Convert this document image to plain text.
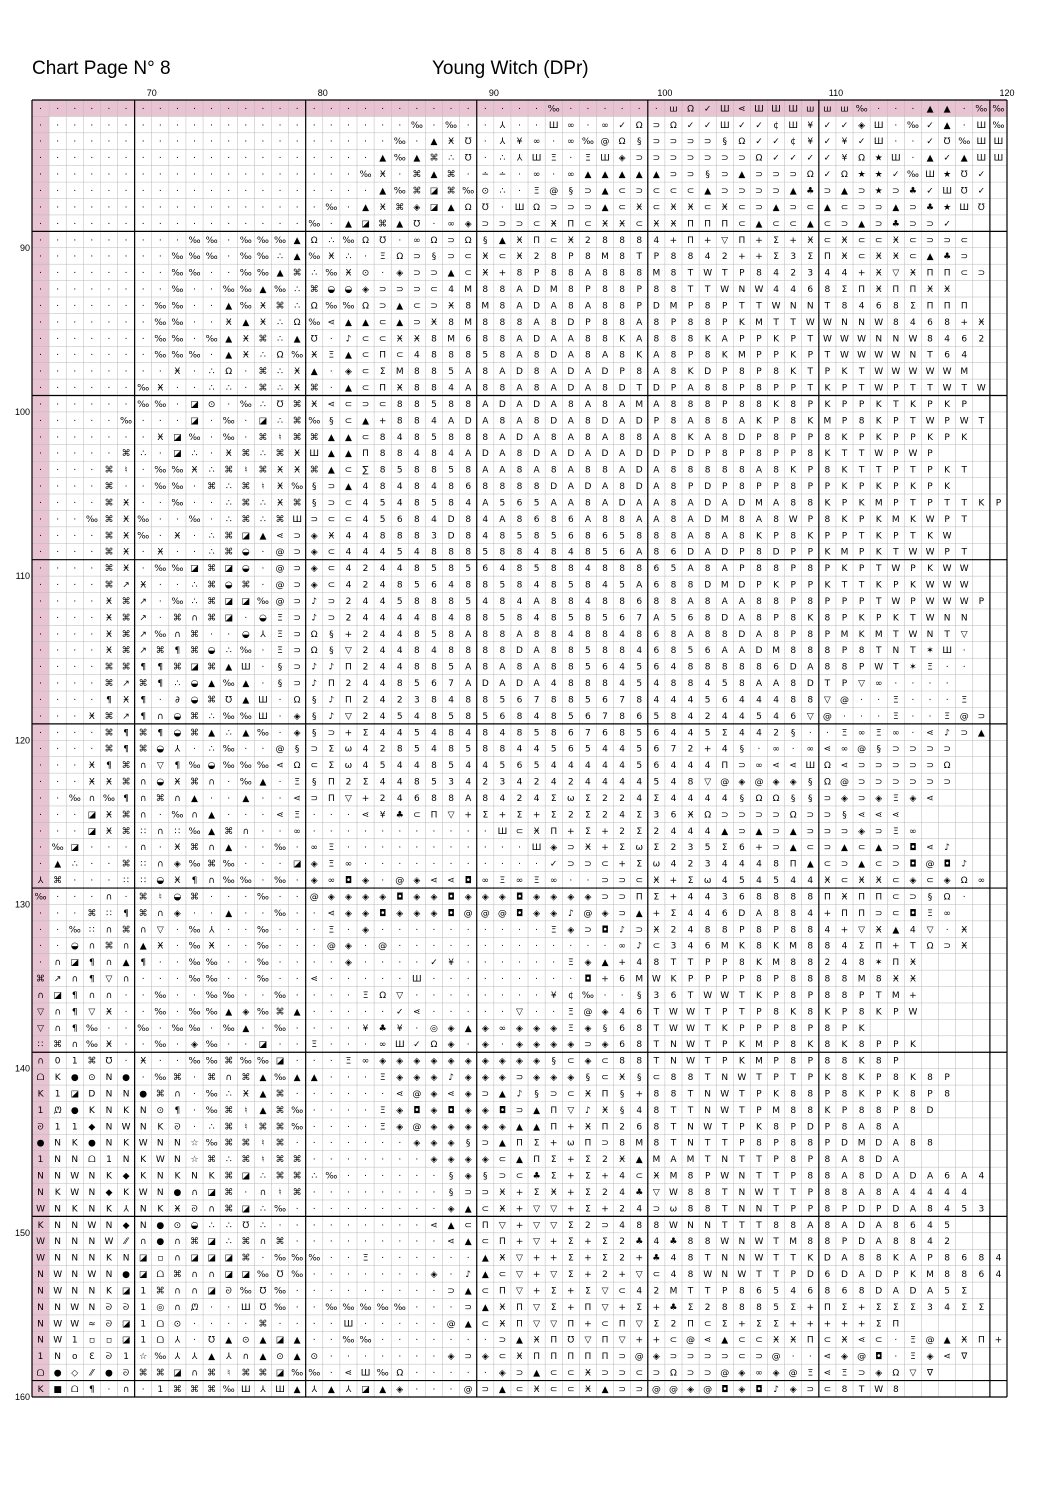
Chart Page N° 8	Young Witch (DPr)
70	80	90	100	110	120
90
100
110
120
130
140
150
160
· · · · · · · · · · · · · · · · · · · · · · · · · · · · · · ‰ · · · · · · ш Ω ✓ Ш ⋖ Ш Ш Ш ш ш ш ‰ · · · ▲ ▲ · ‰ ‰
· · · · · · · · · · · · · · · · · · · · · · ‰ · ‰ · · ⅄ · · Ш ∞ · ∞ ✓ Ω ⊃ Ω ✓ ✓ Ш ✓ ✓ ¢ Ш ¥ ✓ ✓ ◈ Ш · ‰ ✓ ▲ · Ш ‰
· · · · · · · · · · · · · · · · · · · · · ‰ · ▲ Ӿ ℧ · ⅄ ¥ ∞ · ∞ ‰ @ Ω § ⊃ ⊃ ⊃ ⊃ § Ω ✓ ✓ ¢ ¥ ✓ ¥ ✓ Ш · · ✓ ℧ ‰ Ш Ш
· · · · · · · · · · · · · · · · · · · · ▲ ‰ ▲ ⌘ ∴ ℧ ⋅ ∴ ⅄ Ш Ξ · Ξ Ш ◈ ⊃ ⊃ ⊃ ⊃ ⊃ ⊃ ⊃ Ω ✓ ✓ ✓ ✓ ¥ Ω ★ Ш · ▲ ✓ ▲ Ш Ш
· · · · · · · · · · · · · · · · · · · ‰ Ӿ · ⌘ ▲ ⌘ · ∸ ∸ · ∞ · ∞ ▲ ▲ ▲ ▲ ▲ ⊃ ⊃ § ⊃ ▲ ⊃ ⊃ ⊃ Ω ✓ Ω ★ ★ ✓ ‰ Ш ★ ℧ ✓
· · · · · · · · · · · · · · · · · · · · ▲ ‰ ⌘ ◪ ⌘ ‰ ⊙ ∴ · Ξ @ § ⊃ ▲ ⊂ ⊃ ⊂ ⊂ ⊂ ▲ ⊃ ⊃ ⊃ ⊃ ▲ ♣ ⊃ ▲ ⊃ ★ ⊃ ♣ ✓ Ш ℧ ✓
· · · · · · · · · · · · · · · · · ‰ · ▲ Ӿ ⌘ ◈ ◪ ▲ Ω ℧ · Ш Ω ⊃ ⊃ ⊃ ▲ ⊂ Ӿ ⊂ Ӿ Ӿ ⊂ Ӿ ⊂ ⊃ ▲ ⊃ ⊂ ▲ ⊂ ⊃ ⊃ ▲ ⊃ ♣ ★ Ш ℧
· · · · · · · · · · · · · · · · ‰ · ▲ ◪ ⌘ ▲ ℧ · ∞ ◈ ⊃ ⊃ ⊃ ⊂ Ӿ Π ⊂ Ӿ Ӿ ⊂ Ӿ Ӿ Π Π Π ⊂ ▲ ⊂ ⊂ ▲ ⊂ ⊃ ▲ ⊃ ♣ ⊃ ⊃ ✓
· · · · · · · · · ‰ ‰ · ‰ ‰ ‰ ▲ Ω ∴ ‰ Ω ℧ · ∞ Ω ⊃ Ω § ▲ Ӿ Π ⊂ Ӿ 2 8 8 8 4 + Π + ▽ Π + Σ + Ӿ ⊂ Ӿ ⊂ ⊂ Ӿ ⊂ ⊃ ⊃ ⊂
· · · · · · · · ‰ ‰ ‰ · ‰ ‰ ∴ ▲ ‰ Ӿ ∴ · Ξ Ω ⊃ § ⊃ ⊂ Ӿ ⊂ Ӿ 2 8 P 8 M 8 T P 8 8 4 2 + + Σ 3 Σ Π Ӿ ⊂ Ӿ Ӿ ⊂ ▲ ♣ ⊃
· · · · · · · · ‰ ‰ · · ‰ ‰ ▲ ⌘ ∴ ‰ Ӿ ⊙ · ◈ ⊃ ⊃ ▲ ⊂ Ӿ + 8 P 8 8 A 8 8 8 M 8 T W T P 8 4 2 3 4 4 + Ӿ ▽ Ӿ Π Π ⊂ ⊃
· · · · · · · · ‰ · · ‰ ‰ ▲ ‰ ∴ ⌘ ◒ ◒ ◈ ⊃ ⊃ ⊃ ⊂ 4 M 8 8 A D M 8 P 8 8 P 8 8 T T W N W 4 4 6 8 Σ Π Ӿ Π Π Ӿ Ӿ
· · · · · · · ‰ ‰ · · ▲ ‰ Ӿ ⌘ ∴ Ω ‰ ‰ Ω ⊃ ▲ ⊂ ⊃ Ӿ 8 M 8 A D A 8 A 8 8 P D M P 8 P T T W N N T 8 4 6 8 Σ Π Π Π
· · · · · · · ‰ ‰ · · Ӿ ▲ Ӿ ∴ Ω ‰ ⋖ ▲ ▲ ⊂ ▲ ⊃ Ӿ 8 M 8 8 8 A 8 D P 8 8 A 8 P 8 8 P K M T T W W N N W 8 4 6 8 + Ӿ
· · · · · · · ‰ ‰ · ‰ ▲ Ӿ ⌘ ∴ ▲ ℧ · ♪ ⊂ ⊂ Ӿ Ӿ 8 M 6 8 8 A D A A 8 8 K A 8 8 8 K A P P K P T W W W N N W 8 4 6 2
· · · · · · · ‰ ‰ ‰ · ▲ Ӿ ∴ Ω ‰ Ӿ Ξ ▲ ⊂ Π ⊂ 4 8 8 8 5 8 A 8 D A 8 A 8 K A 8 P 8 K M P P K P T W W W W N T 6 4
· · · · · · · · Ӿ · ∴ Ω · ⌘ ∴ Ӿ ▲ · ◈ ⊂ Σ M 8 8 5 A 8 A D 8 A D A D P 8 A 8 K D P 8 P 8 K T P K T W W W W W M
· · · · · · ‰ Ӿ · · ∴ ∴ · ⌘ ∴ Ӿ ⌘ · ▲ ⊂ Π Ӿ 8 8 4 A 8 8 A 8 A D A 8 D T D P A 8 8 P 8 P P T K P T W P T T W T W
· · · · · · ‰ ‰ · ◪ ⊙ · ‰ ∴ ℧ ⌘ Ӿ ⋖ ⊂ ⊃ ⊂ 8 8 5 8 8 A D A D A 8 A 8 A M A 8 8 8 P 8 8 K 8 P K P P K T K P K P
· · · · · ‰ · · · ◪ · ‰ · ◪ ∴ ⌘ ‰ § ⊂ ▲ + 8 8 4 A D A 8 A 8 D A 8 D A D P 8 A 8 8 A K P 8 K M P 8 K P T W P W T
· · · · · · · Ӿ ◪ ‰ · ‰ · ⌘ ♮ ⌘ ⌘ ▲ ▲ ⊂ 8 4 8 5 8 8 8 A D A 8 A 8 A 8 8 A 8 K A 8 D P 8 P P 8 K P K P P K P K
· · · · · ⌘ ∴ · ◪ ∴ · Ӿ ⌘ ∴ ⌘ Ӿ Ш ▲ ▲ Π 8 8 4 8 4 A D A 8 D A D A D A D D P D P 8 P 8 P P 8 K T T W P W P
· · · · ⌘ ♮ · ‰ ‰ Ӿ ∴ ⌘ ♮ ⌘ Ӿ Ӿ ⌘ ▲ ⊂ ∑ 8 5 8 8 5 8 A A 8 A 8 A 8 8 A D A 8 8 8 8 8 A 8 K P 8 K T T P T P K T
· · · · ⌘ · · ‰ ‰ · ⌘ ∴ ⌘ ♮ Ӿ ‰ § ⊃ ▲ 4 8 4 8 4 8 6 8 8 8 8 D A D A 8 D A 8 P D P 8 P P 8 P P K P K P K P K
· · · · ⌘ Ӿ · · ‰ · · ∴ ⌘ ∴ Ӿ ⌘ § ⊃ ⊂ 4 5 4 8 5 8 4 A 5 6 5 A A 8 A D A A 8 A D A D M A 8 8 K P K M P T P T T K P
· · · ‰ ⌘ Ӿ ‰ · · ‰ · ∴ ⌘ ∴ ⌘ Ш ⊃ ⊂ ⊂ 4 5 6 8 4 D 8 4 A 8 6 8 6 A 8 8 A A 8 A D M 8 A 8 W P 8 K P K M K W P T
· · · · ⌘ Ӿ ‰ · Ӿ · ∴ ⌘ ◪ ▲ ⋖ ⊃ ◈ Ӿ 4 4 8 8 8 3 D 8 4 8 5 8 5 6 8 6 5 8 8 8 A 8 A 8 K P 8 K P P T K P T K W
· · · · ⌘ Ӿ · Ӿ · · ∴ ⌘ ◒ · @ ⊃ ◈ ⊂ 4 4 4 5 4 8 8 8 5 8 8 4 8 4 8 5 6 A 8 6 D A D P 8 D P P K M P K T W W P T
· · · · ⌘ Ӿ · ‰ ‰ ◪ ⌘ ◪ ◒ · @ ⊃ ◈ ⊂ 4 2 4 4 8 5 8 5 6 4 8 5 8 8 4 8 8 8 6 5 A 8 A P 8 8 P 8 P K P T W P K W W
· · · · ⌘ ↗ Ӿ · · ∴ ⌘ ◒ ⌘ · @ ⊃ ◈ ⊂ 4 2 4 8 5 6 4 8 8 5 8 4 8 5 8 4 5 A 6 8 8 D M D P K P P K T T K P K W W W
· · · · Ӿ ⌘ ↗ · ‰ ∴ ⌘ ◪ ◪ ‰ @ ⊃ ♪ ⊃ 2 4 4 5 8 8 8 5 4 8 4 A 8 8 4 8 8 6 8 8 A 8 A A 8 8 P 8 P P P T W P W W W P
· · · · Ӿ ⌘ ↗ · ⌘ ∩ ⌘ ◪ · ◒ Ξ ⊃ ♪ ⊃ 2 4 4 4 4 8 4 8 8 5 8 4 8 5 8 5 6 7 A 5 6 8 D A 8 P 8 K 8 P K P K T W N N
· · · · Ӿ ⌘ ↗ ‰ ∩ ⌘ · · ◒ ⅄ Ξ ⊃ Ω § + 2 4 4 8 5 8 A 8 8 A 8 8 4 8 8 4 8 6 8 A 8 8 D A 8 P 8 P M K M T W N T ▽
· · · · Ӿ ⌘ ↗ ⌘ ¶ ⌘ ◒ ∴ ‰ · Ξ ⊃ Ω § ▽ 2 4 4 8 4 8 8 8 8 D A 8 8 5 8 8 4 6 8 5 6 A A D M 8 8 8 P 8 T N T ✶ Ш ·
· · · · ⌘ ⌘ ¶ ¶ ⌘ ◪ ⌘ ▲ Ш · § ⊃ ♪ ♪ Π 2 4 4 8 8 5 A 8 A 8 A 8 8 5 6 4 5 6 4 8 8 8 8 8 6 D A 8 8 P W T ✶ Ξ · ·
· · · · ⌘ ↗ ⌘ ¶ ∴ ◒ ▲ ‰ ▲ · § ⊃ ♪ Π 2 4 4 8 5 6 7 A D A D A 4 8 8 8 4 5 4 8 8 4 5 8 A A 8 D T P ▽ ∞ · · · ·
· · · · ¶ Ӿ ¶ · ∂ ◒ ⌘ ℧ ▲ Ш · Ω § ♪ Π 2 4 2 3 8 4 8 8 5 6 7 8 8 5 6 7 8 4 4 4 5 6 4 4 4 8 8 ▽ @ · · Ξ · · · Ξ
· · · Ӿ ⌘ ↗ ¶ ∩ ◒ ⌘ ∴ ‰ ‰ Ш · ◈ § ♪ ▽ 2 4 5 4 8 5 8 5 6 8 4 8 5 6 7 8 6 5 8 4 2 4 4 5 4 6 ▽ @ · · · Ξ · · Ξ @ ⊃
· · · · ⌘ ¶ ⌘ ¶ ◒ ⌘ ▲ ∴ ▲ ‰ · ◈ § ⊃ + Σ 4 4 5 4 8 4 8 4 8 5 8 6 7 6 8 5 6 4 4 5 Σ 4 4 2 § · · Ξ ∞ Ξ ∞ · ⋖ ♪ ⊃ ▲
· · · · ⌘ ¶ ⌘ ◒ ⅄ · ∴ ‰ · · @ § ⊃ Σ ω 4 2 8 5 4 8 5 8 8 4 4 5 6 5 4 4 5 6 7 2 + 4 § · ∞ · ∞ ⋖ ∞ @ § ⊃ ⊃ ⊃ ⊃
· · · Ӿ ¶ ⌘ ∩ ▽ ¶ ‰ ◒ ‰ ‰ ‰ ⋖ Ω ⊂ Σ ω 4 5 4 4 8 5 4 4 5 6 5 4 4 4 4 4 5 6 4 4 4 Π ⊃ ∞ ⋖ ⋖ Ш Ω ⋖ ⊃ ⊃ ⊃ ⊃ ⊃ Ω
· · · Ӿ Ӿ ⌘ ∩ ◒ Ӿ ⌘ ∩ · ‰ ▲ · Ξ § Π 2 Σ 4 4 8 5 3 4 2 3 4 2 4 2 4 4 4 4 5 4 8 ▽ @ ◈ @ ◈ ◈ § Ω @ ⊃ ⊃ ⊃ ⊃ ⊃ ⊃
· · ‰ ∩ ‰ ¶ ∩ ⌘ ∩ ▲ · · ▲ · · ⋖ ⊃ Π ▽ + 2 4 6 8 8 A 8 4 2 4 Σ ω Σ 2 2 4 Σ 4 4 4 4 § Ω Ω § § ⊃ ◈ ⊃ ◈ Ξ ◈ ⋖
· · · ◪ Ӿ ⌘ ∩ · ‰ ∩ ▲ · · · ⋖ Ξ · · · ⋖ ¥ ♣ ⊂ Π ▽ + Σ + Σ + Σ 2 Σ 2 4 Σ 3 6 Ӿ Ω ⊃ ⊃ ⊃ ⊃ Ω ⊃ ⊃ § ⋖ ⋖ ⋖
· · · ◪ Ӿ ⌘ ∷ ∩ ∷ ‰ ▲ ⌘ ∩ · · ∞ · · · · · · · · · · · Ш ⊂ Ӿ Π + Σ + 2 Σ 2 4 4 4 ▲ ⊃ ▲ ⊃ ▲ ⊃ ⊃ ⊃ ◈ ⊃ Ξ ∞
· ‰ ◪ · · · ∩ · Ӿ ⌘ ∩ ▲ · · ‰ · ∞ Ξ · · · · · · · · · · · Ш ◈ ⊃ Ӿ + Σ ω Σ 2 3 5 Σ 6 + ⊃ ▲ ⊂ ⊃ ▲ ⊂ ▲ ⊃ ◘ ⋖ ♪
· ▲ ∴ · · ⌘ ∷ ∩ ◈ ‰ ⌘ ‰ · · · ◪ ◈ Ξ ∞ · · · · · · · · · · · ✓ ⊃ ⊃ ⊂ + Σ ω 4 2 3 4 4 4 8 Π ▲ ⊂ ⊃ ▲ ⊂ ⊃ ◘ @ ◘ ♪
⅄ ⌘ · · · ∷ ∷ ◒ Ӿ ¶ ∩ ‰ ‰ · ‰ · ◈ ∞ ◘ ◈ · @ ◈ ⋖ ⋖ ◘ ∞ Ξ ∞ Ξ ∞ · · ⊃ ⊃ ⊂ Ӿ + Σ ω 4 5 4 5 4 4 Ӿ ⊂ Ӿ Ӿ ⊂ ◈ ⊂ ◈ Ω ∞
‰ · · · ∩ · ⌘ ♮ ◒ ⌘ · · · ‰ · · @ ◈ ◈ ◈ ◈ ◘ ◈ ◈ ◘ ◈ ◈ ◈ ◘ ◈ ◈ ◈ ◈ ⊃ ⊃ Π Σ + 4 4 3 6 8 8 8 8 Π Ӿ Π Π ⊂ ⊃ § Ω ·
· · · ⌘ ∷ ¶ ⌘ ∩ ◈ · · ▲ · · ‰ · · ⋖ ◈ ◈ ◘ ◈ ◈ ◈ ◘ @ @ @ ◘ ◈ ◈ ♪ @ ◈ ⊃ ▲ + Σ 4 4 6 D A 8 8 4 + Π Π ⊃ ⊂ ◘ Ξ ∞
· · ‰ ∷ ∩ ⌘ ∩ ▽ · ‰ ⅄ · · ‰ · · · Ξ · ◈ · · · · · · · · · · Ξ ◈ ⊃ ◘ ♪ ⊃ Ӿ 2 4 8 8 P 8 P 8 8 4 + ▽ Ӿ ▲ 4 ▽ · Ӿ
· · ◒ ∩ ⌘ ∩ ▲ Ӿ · ‰ Ӿ · · ‰ · · · @ ◈ · @ · · · · · · · · · · · · · ∞ ♪ ⊂ 3 4 6 M K 8 K M 8 8 4 Σ Π + T Ω ⊃ Ӿ
· ∩ ◪ ¶ ∩ ▲ ¶ · · ‰ ‰ · · ‰ · · · · ◈ · · · · ✓ ¥ · · · · · · Ξ ◈ ▲ + 4 8 T T P P 8 K M 8 8 2 4 8 ✶ Π Ӿ
⌘ ↗ ∩ ¶ ▽ ∩ · · · ‰ ‰ · · ‰ · · ⋖ · · · · · Ш · · · · · · · · · ◘ + 6 M W K P P P P 8 P 8 8 8 8 M 8 Ӿ Ӿ
∩ ◪ ¶ ∩ ∩ · · ‰ · · ‰ ‰ · · ‰ · · · · Ξ Ω ▽ · · · · · · · · ¥ ¢ ‰ · · § 3 6 T W W T K P 8 P 8 8 P T M +
▽ ∩ ¶ ▽ Ӿ · · ‰ · ‰ ‰ ▲ ◈ ‰ ⌘ ▲ · · · · · ✓ ⋖ · · · · · ▽ · · Ξ @ ◈ 4 6 T W W T P T P 8 K 8 K P 8 K P W
▽ ∩ ¶ ‰ · · ‰ · ‰ ‰ · ‰ ▲ · ‰ · · · · ¥ ♣ ¥ · ◎ ◈ ▲ ◈ ∞ ◈ ◈ ◈ Ξ ◈ § 6 8 T W W T K P P P 8 P 8 P K
∷ ⌘ ∩ ‰ Ӿ · · ‰ · ◈ ‰ · · ◪ · · Ξ · · · ∞ Ш ✓ Ω ◈ · ◈ · ◈ ◈ ◈ ◈ ⊃ ◈ 6 8 T N W T P K M P 8 K 8 K 8 P P K
∩ 0 1 ⌘ ℧ · Ӿ · · ‰ ‰ ⌘ ‰ ‰ ◪ · · · Ξ ∞ ◈ ◈ ◈ ◈ ◈ ◈ ◈ ◈ ◈ ◈ § ⊂ ◈ ⊂ 8 8 T N W T P K M P 8 P 8 8 K 8 P
ᗝ K ● ⊙ N ● · ‰ ⌘ · ⌘ ∩ ⌘ ▲ ‰ ▲ ▲ · · · Ξ ◈ ◈ ◈ ♪ ◈ ◈ ◈ ⊃ ◈ ◈ ◈ § ⊂ Ӿ § ⊂ 8 8 T N W T P T P K 8 K P 8 K 8 P
K 1 ◪ D N N ● ⌘ ∩ · ‰ ∴ Ӿ ▲ ⌘ · · · · · · ⋖ @ ◈ ⋖ ◈ ⊃ ▲ ♪ § ⊃ ⊂ Ӿ Π § + 8 8 T N W T P K 8 8 P 8 K P K 8 P 8
1 ᘻ ● K N K N ⊙ ¶ · ‰ ⌘ ♮ ▲ ⌘ ‰ · · · · Ξ ◈ ◘ ◈ ◘ ◈ ◈ ◘ ⊃ ▲ Π ▽ ♪ Ӿ § 4 8 T T N W T P M 8 8 K P 8 8 P 8 D
ᘐ 1 1 ◆ N W N K ᘐ · ∴ ⌘ ♮ ⌘ ⌘ ‰ · · · · Ξ ◈ @ ◈ ◈ ◈ ◈ ◈ ▲ ▲ Π + Ӿ Π 2 6 8 T N W T P K 8 P D P 8 A 8 A
● N K ● N K W N N ☆ ‰ ⌘ ⌘ ♮ ⌘ · · · · · · · ◈ ◈ ◈ § ⊃ ▲ Π Σ + ω Π ⊃ 8 M 8 T N T T P 8 P 8 8 P D M D A 8 8
1 N N ᗝ 1 N K W N ☆ ⌘ ∴ ⌘ ♮ ⌘ ⌘ · · · · · · · ◈ ◈ ◈ ◈ ⊂ ▲ Π Σ + Σ 2 Ӿ ▲ M A M T N T T P 8 P 8 A 8 D A
N N W N K ◆ K N K N K ⌘ ◪ ∴ ⌘ ⌘ ∴ ‰ · · · · · · § ◈ § ⊃ ⊂ ♣ Σ + Σ + 4 ⊂ Ӿ M 8 P W N T T P 8 8 A 8 D A D A 6 A 4
N K W N ◆ K W N ● ∩ ◪ ⌘ · ∩ ♮ ⌘ · · · · · · · · § ⊃ ⊃ Ӿ + Σ Ӿ + Σ 2 4 ♣ ▽ W 8 8 T N W T T P 8 8 A 8 A 4 4 4 4
W N K N K ⅄ N K Ӿ ᘐ ∩ ⌘ ◪ ∴ ‰ · · · · · · · · · ◈ ▲ ⊂ Ӿ + ▽ ▽ + Σ + 2 4 ⊃ ω 8 8 T N N T P P 8 P D P D A 8 4 5 3
K N N W N ◆ N ● ⊙ ◒ ∴ ∴ ℧ ∴ · · · · · · · · · ⋖ ▲ ⊂ Π ▽ + ▽ ▽ Σ 2 ⊃ 4 8 8 W N N T T T 8 8 A 8 A D A 8 6 4 5
W N N N W ⁄⁄ ∩ ● ∩ ⌘ ◪ ∴ ⌘ ∩ ⌘ · · · · · · · · · ⋖ ▲ ⊂ Π + ▽ + Σ + Σ 2 ♣ 4 ♣ 8 8 W N W T M 8 8 P D A 8 8 4 2
W N N N K N ◪ ▫ ∩ ◪ ◪ ◪ ⌘ · ‰ ‰ ‰ · · Ξ · · · · · · ▲ Ӿ ▽ + + Σ + Σ 2 + ♣ 4 8 T N N W T T K D A 8 8 K A P 8 6 8 4
N W N W N ● ◪ ᗝ ⌘ ∩ ∩ ◪ ◪ ‰ ℧ ‰ · · · · · · · ◈ · ♪ ▲ ⊂ ▽ + ▽ Σ + 2 + ▽ ⊂ 4 8 W N W T T P D 6 D A D P K M 8 8 6 4
N W N N K ◪ 1 ⌘ ∩ ∩ ◪ ᘐ ‰ ℧ ‰ · · · · · · · · · ⊃ ▲ ⊂ Π ▽ + Σ + Σ ▽ ⊂ 4 2 M T T P 8 6 5 4 6 8 6 8 D A D A 5 Σ
N N W N ᘐ ᘐ 1 ◎ ∩ ᘻ · · Ш ℧ ‰ · · ‰ ‰ ‰ ‰ ‰ · · · ⊃ ▲ Ӿ Π ▽ Σ + Π ▽ + Σ + ♣ Σ 2 8 8 8 5 Σ + Π Σ + Σ Σ Σ 3 4 Σ Σ
N W W ≈ ᘐ ◪ 1 ᗝ ⊙ · · · · ⌘ · · · · Ш · · · · · @ ▲ ⊂ Ӿ Π ▽ ▽ Π + ⊂ Π ▽ Σ 2 Π ⊂ Σ + Σ Σ + + + + + Σ Π
N W 1 ▫ ▫ ◪ 1 ᗝ ⅄ · ℧ ▲ ⊙ ▲ ◪ ▲ · · ‰ ‰ · · · · · · · ⊃ ▲ Ӿ Π ℧ ▽ Π ▽ + + ⊂ @ ⋖ ▲ ⊂ ⊂ Ӿ Ӿ Π ⊂ Ӿ ⋖ ⊂ · Ξ @ ▲ Ӿ Π +
1 N o Ɛ ᘐ 1 ☆ ‰ ⅄ ⅄ ▲ ⅄ ∩ ▲ ⊙ ▲ ⊙ · · · · · · · ◈ ⊃ ◈ ⊂ Ӿ Π Π Π Π Π ⊃ @ ◈ ⊃ ⊃ ⊃ ⊃ ⊂ ⊃ @ · · ⋖ ◈ @ ◘ · Ξ ◈ ⋖ ∇
ᗝ ● ◇ ⁄⁄ ● ᘐ ⌘ ⌘ ◪ ∩ ⌘ ♮ ⌘ ⌘ ◪ ‰ ‰ · ⋖ Ш ‰ Ω · · · · · ◈ ⊃ ▲ ⊂ ⊂ Ӿ ⊃ ⊃ ⊂ ⊃ Ω ⊃ ⊃ @ ◈ ∞ ◈ @ Ξ ⋖ Ξ ⊃ ◈ Ω ▽ ∇
K ■ ᗝ ¶ · ∩ · 1 ⌘ ⌘ ⌘ ‰ Ш ⅄ Ш ▲ ⅄ ▲ ⅄ ◪ ▲ ◈ · · · @ ⊃ ▲ ⊂ Ӿ ⊂ ⊂ Ӿ ▲ ⊃ ⊃ @ @ ◈ @ ◘ ◈ ◘ ♪ ◈ ⊃ ⊂ 8 T W 8
